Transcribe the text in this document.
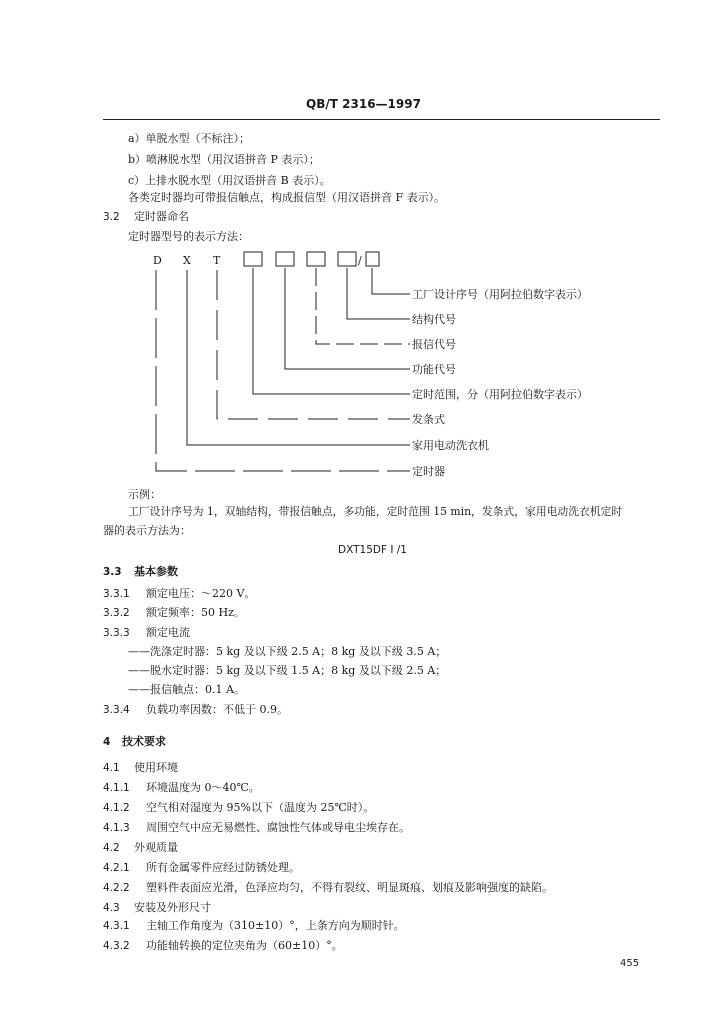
QB/T 2316—1997
a）单脱水型（不标注）；
b）喷淋脱水型（用汉语拼音 P 表示）；
c）上排水脱水型（用汉语拼音 B 表示）。
各类定时器均可带报信触点，构成报信型（用汉语拼音 F 表示）。
3.2 定时器命名
定时器型号的表示方法：
D X T	/
工厂设计序号（用阿拉伯数字表示）
结构代号
报信代号
功能代号
定时范围，分（用阿拉伯数字表示）
发条式
家用电动洗衣机
定时器
示例：
工厂设计序号为 1，双轴结构，带报信触点，多功能，定时范围 15 min，发条式，家用电动洗衣机定时
器的表示方法为：
DXT15DF I /1
3.3 基本参数
3.3.1 额定电压：～220 V。
3.3.2 额定频率：50 Hz。
3.3.3 额定电流
——洗涤定时器：5 kg 及以下级 2.5 A；8 kg 及以下级 3.5 A；
——脱水定时器：5 kg 及以下级 1.5 A；8 kg 及以下级 2.5 A；
——报信触点：0.1 A。
3.3.4 负载功率因数：不低于 0.9。
4 技术要求
4.1 使用环境
4.1.1 环境温度为 0～40℃。
4.1.2 空气相对湿度为 95%以下（温度为 25℃时）。
4.1.3 周围空气中应无易燃性、腐蚀性气体或导电尘埃存在。
4.2 外观质量
4.2.1 所有金属零件应经过防锈处理。
4.2.2 塑料件表面应光滑，色泽应均匀，不得有裂纹、明显斑痕、划痕及影响强度的缺陷。
4.3 安装及外形尺寸
4.3.1 主轴工作角度为（310±10）°，上条方向为顺时针。
4.3.2 功能轴转换的定位夹角为（60±10）°。
455
